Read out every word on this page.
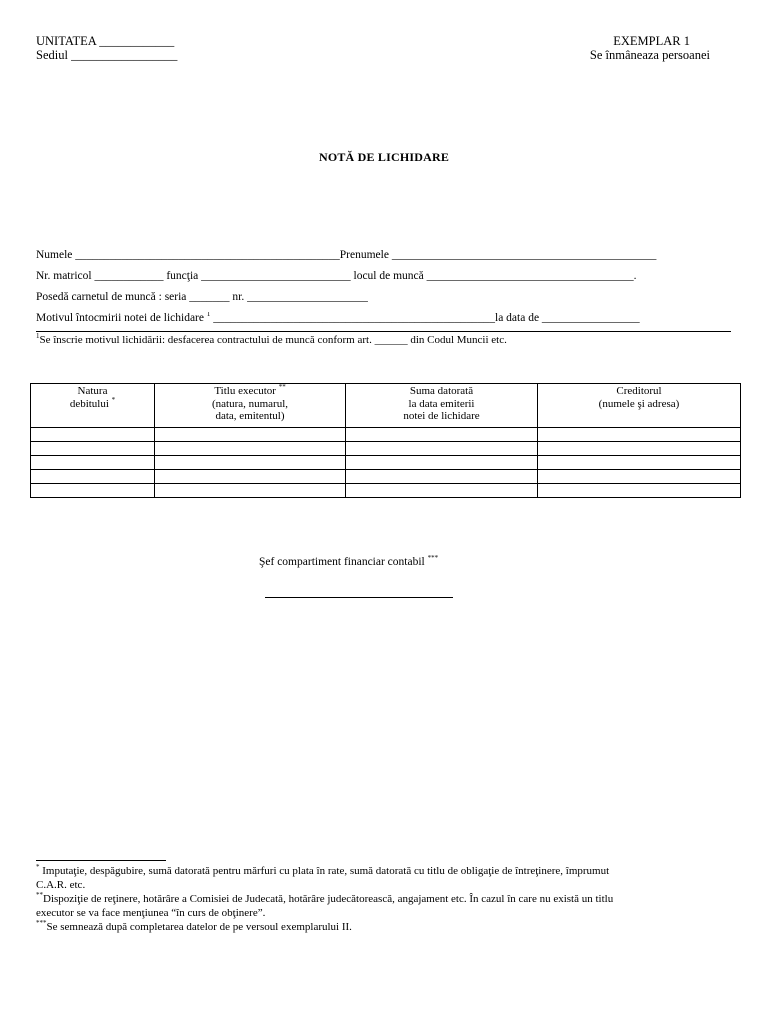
UNITATEA ____________
Sediul _________________
EXEMPLAR 1
Se înmâneaza persoanei
NOTĂ DE LICHIDARE
Numele ______________________________________________Prenumele ______________________________________________
Nr. matricol ____________ funcţia __________________________ locul de muncă ____________________________________.
Posedă carnetul de muncă : seria _______ nr. _____________________
Motivul întocmirii notei de lichidare $^1$ _________________________________________________la data de _________________
$^1$Se înscrie motivul lichidării: desfacerea contractului de muncă conform art. ______ din Codul Muncii etc.
Natura
debitului *	Titlu executor **
(natura, numarul,
data, emitentul)	Suma datorată
la data emiterii
notei de lichidare	Creditorul
(numele şi adresa)

Şef compartiment financiar contabil ***
* Imputaţie, despăgubire, sumă datorată pentru mărfuri cu plata în rate, sumă datorată cu titlu de obligaţie de întreţinere, împrumut
C.A.R. etc.
**Dispoziţie de reţinere, hotărâre a Comisiei de Judecată, hotărâre judecătorească, angajament etc. În cazul în care nu există un titlu
executor se va face menţiunea “în curs de obţinere”.
***Se semnează după completarea datelor de pe versoul exemplarului II.
